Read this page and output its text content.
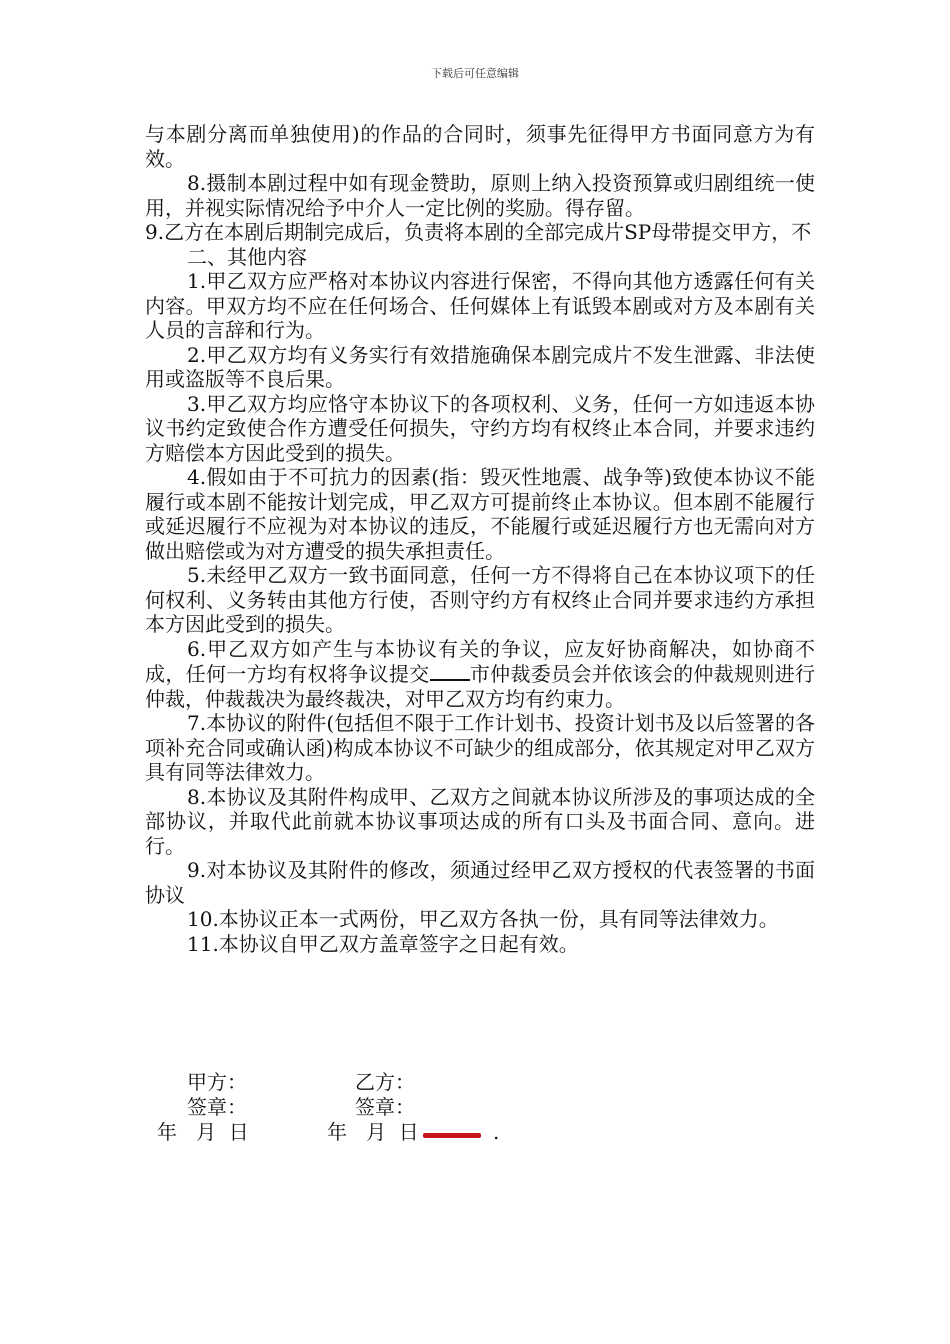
下载后可任意编辑

与本剧分离而单独使用)的作品的合同时，须事先征得甲方书面同意方为有效。

8.摄制本剧过程中如有现金赞助，原则上纳入投资预算或归剧组统一使用，并视实际情况给予中介人一定比例的奖励。得存留。

9.乙方在本剧后期制完成后，负责将本剧的全部完成片SP母带提交甲方，不

二、其他内容

1.甲乙双方应严格对本协议内容进行保密，不得向其他方透露任何有关内容。甲双方均不应在任何场合、任何媒体上有诋毁本剧或对方及本剧有关人员的言辞和行为。

2.甲乙双方均有义务实行有效措施确保本剧完成片不发生泄露、非法使用或盗版等不良后果。

3.甲乙双方均应恪守本协议下的各项权利、义务，任何一方如违返本协议书约定致使合作方遭受任何损失，守约方均有权终止本合同，并要求违约方赔偿本方因此受到的损失。

4.假如由于不可抗力的因素(指：毁灭性地震、战争等)致使本协议不能履行或本剧不能按计划完成，甲乙双方可提前终止本协议。但本剧不能履行或延迟履行不应视为对本协议的违反，不能履行或延迟履行方也无需向对方做出赔偿或为对方遭受的损失承担责任。

5.未经甲乙双方一致书面同意，任何一方不得将自己在本协议项下的任何权利、义务转由其他方行使，否则守约方有权终止合同并要求违约方承担本方因此受到的损失。

6.甲乙双方如产生与本协议有关的争议，应友好协商解决，如协商不成，任何一方均有权将争议提交 市仲裁委员会并依该会的仲裁规则进行仲裁，仲裁裁决为最终裁决，对甲乙双方均有约束力。

7.本协议的附件(包括但不限于工作计划书、投资计划书及以后签署的各项补充合同或确认函)构成本协议不可缺少的组成部分，依其规定对甲乙双方具有同等法律效力。

8.本协议及其附件构成甲、乙双方之间就本协议所涉及的事项达成的全部协议，并取代此前就本协议事项达成的所有口头及书面合同、意向。进行。

9.对本协议及其附件的修改，须通过经甲乙双方授权的代表签署的书面协议

10.本协议正本一式两份，甲乙双方各执一份，具有同等法律效力。

11.本协议自甲乙双方盖章签字之日起有效。

甲方：	乙方：
签章：	签章：
年   月  日	年   月  日	.
